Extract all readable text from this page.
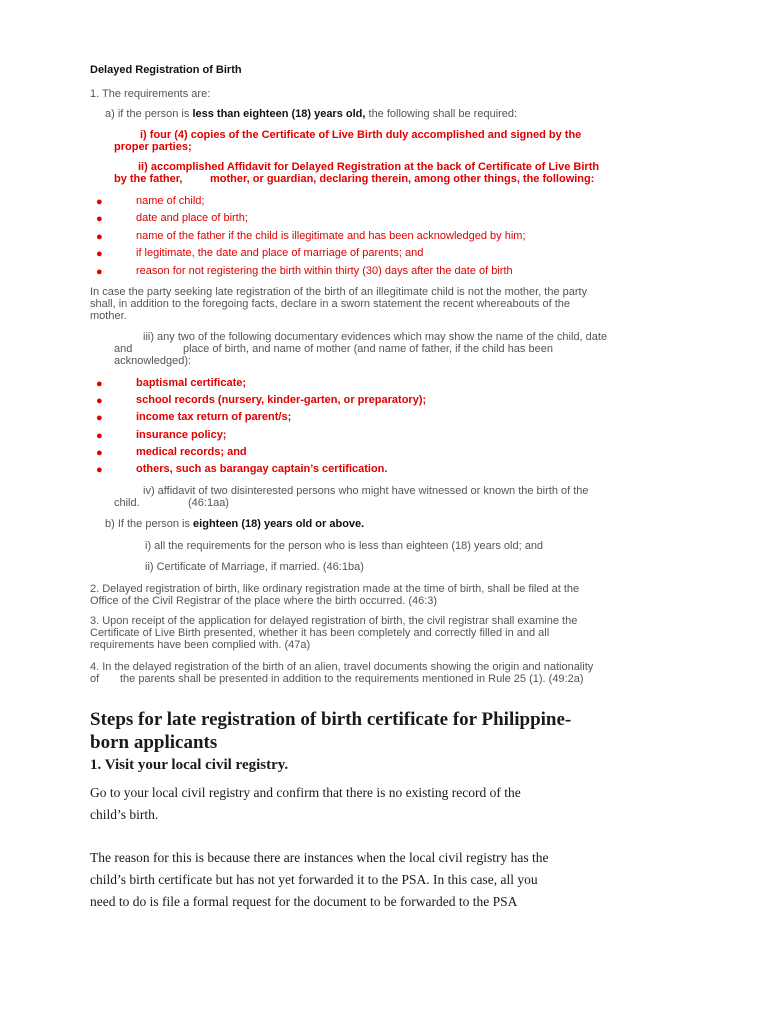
Delayed Registration of Birth
1. The requirements are:
a) if the person is less than eighteen (18) years old, the following shall be required:
i) four (4) copies of the Certificate of Live Birth duly accomplished and signed by the
proper parties;
ii) accomplished Affidavit for Delayed Registration at the back of Certificate of Live Birth
by the father,	mother, or guardian, declaring therein, among other things, the following:
●	name of child;
●	date and place of birth;
●	name of the father if the child is illegitimate and has been acknowledged by him;
●	if legitimate, the date and place of marriage of parents; and
●	reason for not registering the birth within thirty (30) days after the date of birth
In case the party seeking late registration of the birth of an illegitimate child is not the mother, the party
shall, in addition to the foregoing facts, declare in a sworn statement the recent whereabouts of the
mother.
iii) any two of the following documentary evidences which may show the name of the child, date
and	place of birth, and name of mother (and name of father, if the child has been
acknowledged):
●	baptismal certificate;
●	school records (nursery, kinder-garten, or preparatory);
●	income tax return of parent/s;
●	insurance policy;
●	medical records; and
●	others, such as barangay captain’s certification.
iv) affidavit of two disinterested persons who might have witnessed or known the birth of the
child.	(46:1aa)
b) If the person is eighteen (18) years old or above.
i) all the requirements for the person who is less than eighteen (18) years old; and
ii) Certificate of Marriage, if married. (46:1ba)
2. Delayed registration of birth, like ordinary registration made at the time of birth, shall be filed at the
Office of the Civil Registrar of the place where the birth occurred. (46:3)
3. Upon receipt of the application for delayed registration of birth, the civil registrar shall examine the
Certificate of Live Birth presented, whether it has been completely and correctly filled in and all
requirements have been complied with. (47a)
4. In the delayed registration of the birth of an alien, travel documents showing the origin and nationality
of the parents shall be presented in addition to the requirements mentioned in Rule 25 (1). (49:2a)
Steps for late registration of birth certificate for Philippine-
born applicants
1. Visit your local civil registry.

Go to your local civil registry and confirm that there is no existing record of the

child’s birth.

The reason for this is because there are instances when the local civil registry has the

child’s birth certificate but has not yet forwarded it to the PSA. In this case, all you

need to do is file a formal request for the document to be forwarded to the PSA
